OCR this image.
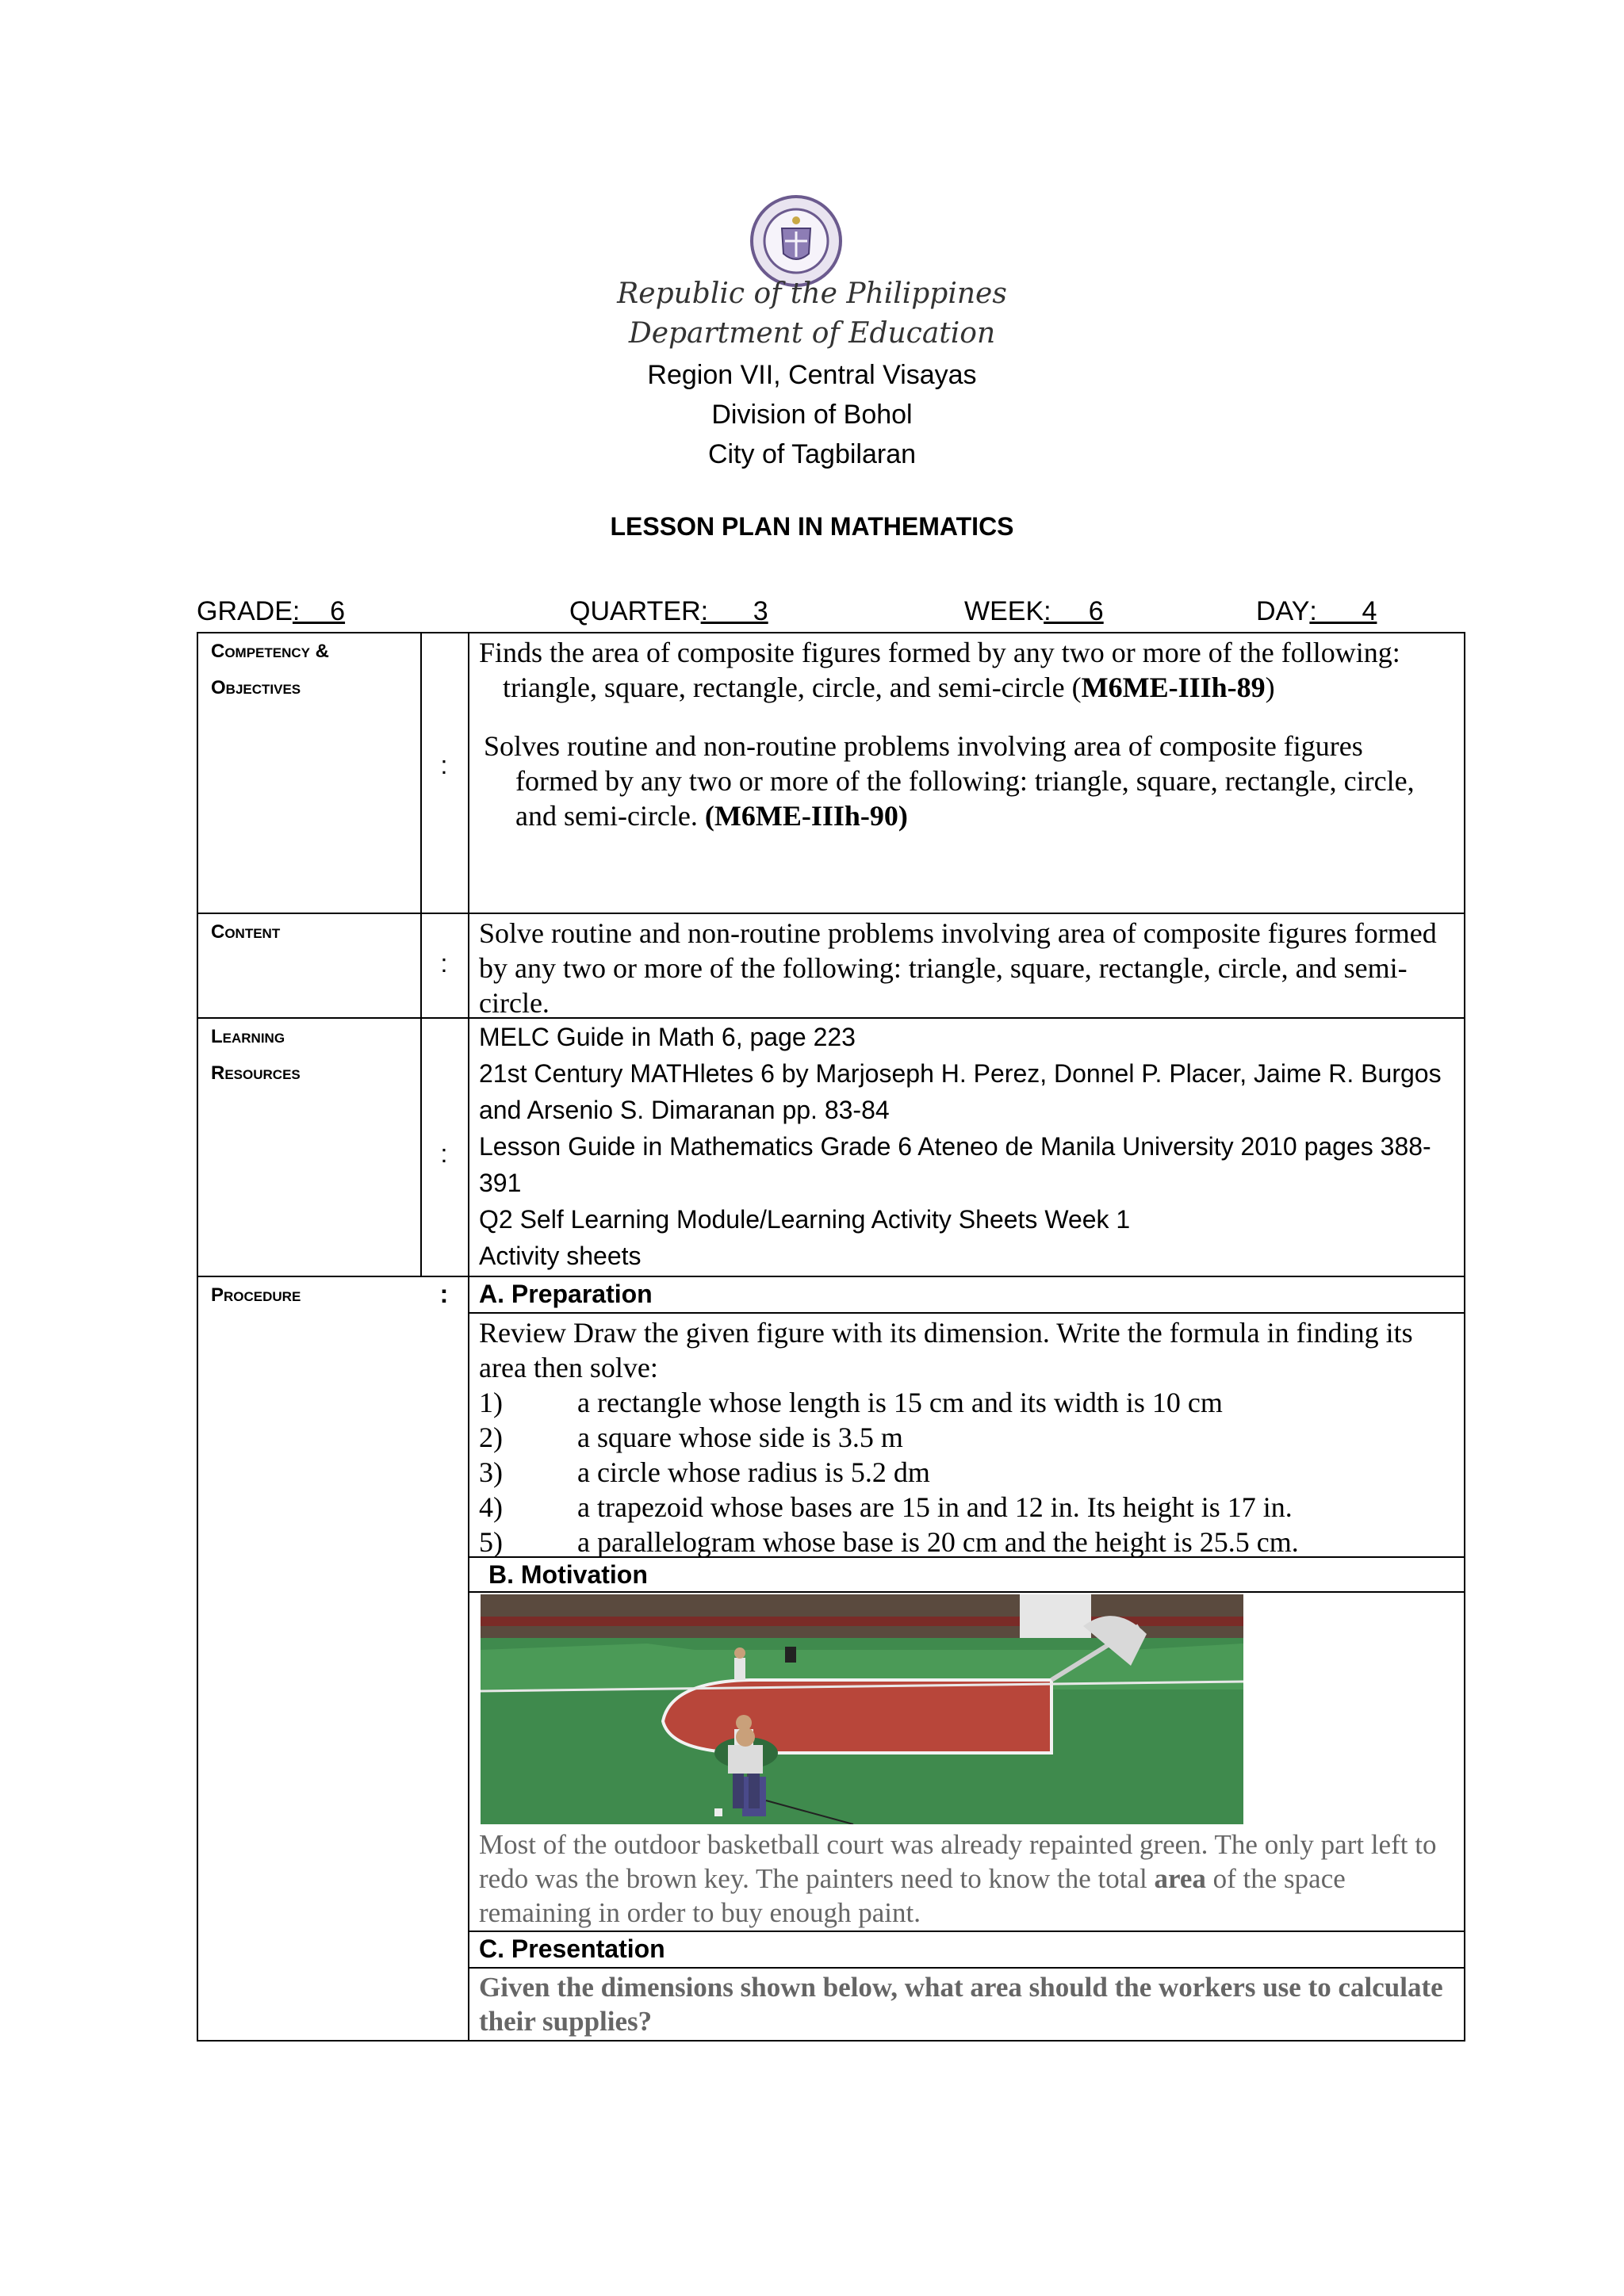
Republic of the Philippines
Department of Education
Region VII, Central Visayas
Division of Bohol
City of Tagbilaran
LESSON PLAN IN MATHEMATICS
GRADE:    6	QUARTER:      3	WEEK:     6	DAY:      4
Competency &
Objectives
:
Finds the area of composite figures formed by any two or more of the following: triangle, square, rectangle, circle, and semi-circle (M6ME-IIIh-89)
Solves routine and non-routine problems involving area of composite figures formed by any two or more of the following: triangle, square, rectangle, circle, and semi-circle. (M6ME-IIIh-90)
Content
:
Solve routine and non-routine problems involving area of composite figures formed by any two or more of the following: triangle, square, rectangle, circle, and semi-circle.
Learning
Resources
:
MELC Guide in Math 6, page 223
21st Century MATHletes 6 by Marjoseph H. Perez, Donnel P. Placer, Jaime R. Burgos and Arsenio S. Dimaranan pp. 83-84
Lesson Guide in Mathematics Grade 6 Ateneo de Manila University 2010 pages 388-391
Q2 Self Learning Module/Learning Activity Sheets Week 1
Activity sheets
Procedure	:	A. Preparation
Review Draw the given figure with its dimension. Write the formula in finding its area then solve:
1)	a rectangle whose length is 15 cm and its width is 10 cm
2)	a square whose side is 3.5 m
3)	a circle whose radius is 5.2 dm
4)	a trapezoid whose bases are 15 in and 12 in. Its height is 17 in.
5)	a parallelogram whose base is 20 cm and the height is 25.5 cm.
B. Motivation
Most of the outdoor basketball court was already repainted green. The only part left to redo was the brown key. The painters need to know the total area of the space remaining in order to buy enough paint.
C. Presentation
Given the dimensions shown below, what area should the workers use to calculate their supplies?
